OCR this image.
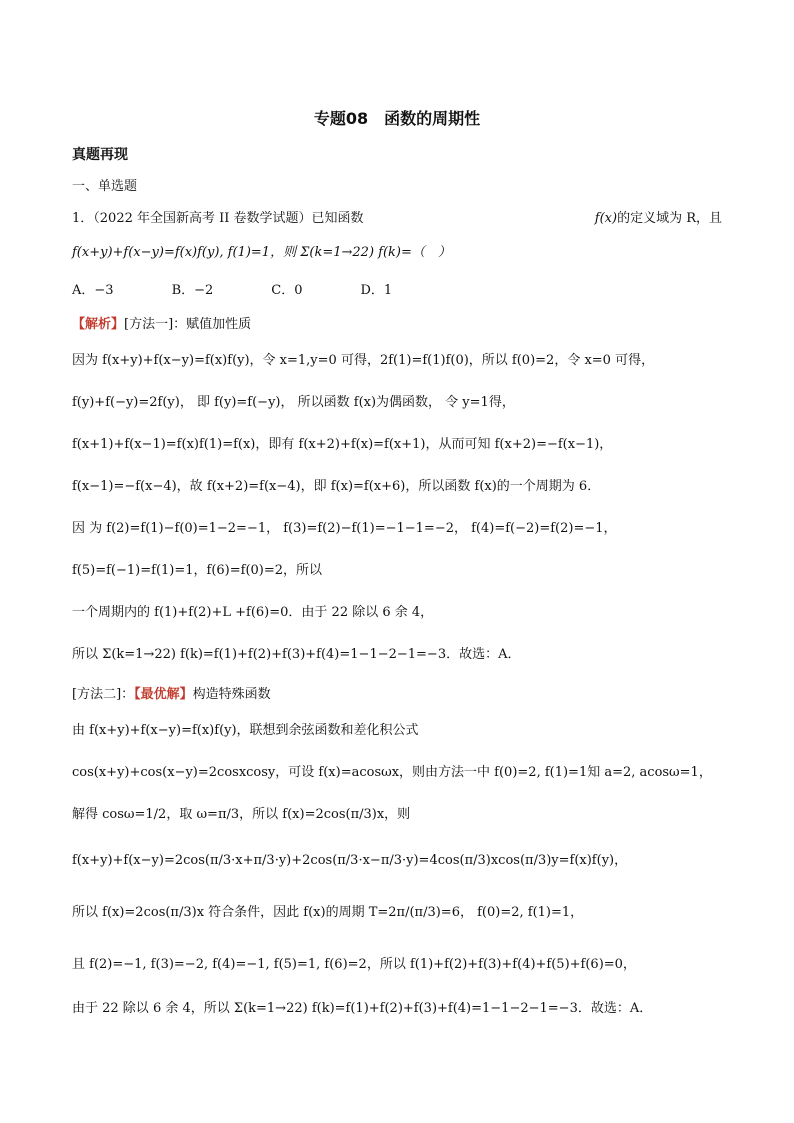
专题08　函数的周期性
真题再现
一、单选题
1．（2022 年全国新高考 II 卷数学试题）已知函数	f(x)的定义域为 R，且
f(x+y)+f(x−y)=f(x)f(y), f(1)=1，则 Σ(k=1→22) f(k)=（　）
A．−3	B．−2	C．0	D．1
【解析】[方法一]：赋值加性质
因为 f(x+y)+f(x−y)=f(x)f(y)，令 x=1,y=0 可得，2f(1)=f(1)f(0)，所以 f(0)=2，令 x=0 可得，
f(y)+f(−y)=2f(y)， 即 f(y)=f(−y)， 所以函数 f(x)为偶函数， 令 y=1得，
f(x+1)+f(x−1)=f(x)f(1)=f(x)，即有 f(x+2)+f(x)=f(x+1)，从而可知 f(x+2)=−f(x−1)，
f(x−1)=−f(x−4)，故 f(x+2)=f(x−4)，即 f(x)=f(x+6)，所以函数 f(x)的一个周期为 6．
因 为 f(2)=f(1)−f(0)=1−2=−1， f(3)=f(2)−f(1)=−1−1=−2， f(4)=f(−2)=f(2)=−1，
f(5)=f(−1)=f(1)=1，f(6)=f(0)=2，所以
一个周期内的 f(1)+f(2)+L +f(6)=0．由于 22 除以 6 余 4，
所以 Σ(k=1→22) f(k)=f(1)+f(2)+f(3)+f(4)=1−1−2−1=−3．故选：A．
[方法二]：【最优解】构造特殊函数
由 f(x+y)+f(x−y)=f(x)f(y)，联想到余弦函数和差化积公式
cos(x+y)+cos(x−y)=2cosxcosy，可设 f(x)=acosωx，则由方法一中 f(0)=2, f(1)=1知 a=2, acosω=1，
解得 cosω=1/2，取 ω=π/3，所以 f(x)=2cos(π/3)x，则
f(x+y)+f(x−y)=2cos(π/3·x+π/3·y)+2cos(π/3·x−π/3·y)=4cos(π/3)xcos(π/3)y=f(x)f(y)，
所以 f(x)=2cos(π/3)x 符合条件，因此 f(x)的周期 T=2π/(π/3)=6， f(0)=2, f(1)=1，
且 f(2)=−1, f(3)=−2, f(4)=−1, f(5)=1, f(6)=2，所以 f(1)+f(2)+f(3)+f(4)+f(5)+f(6)=0，
由于 22 除以 6 余 4，所以 Σ(k=1→22) f(k)=f(1)+f(2)+f(3)+f(4)=1−1−2−1=−3．故选：A．
